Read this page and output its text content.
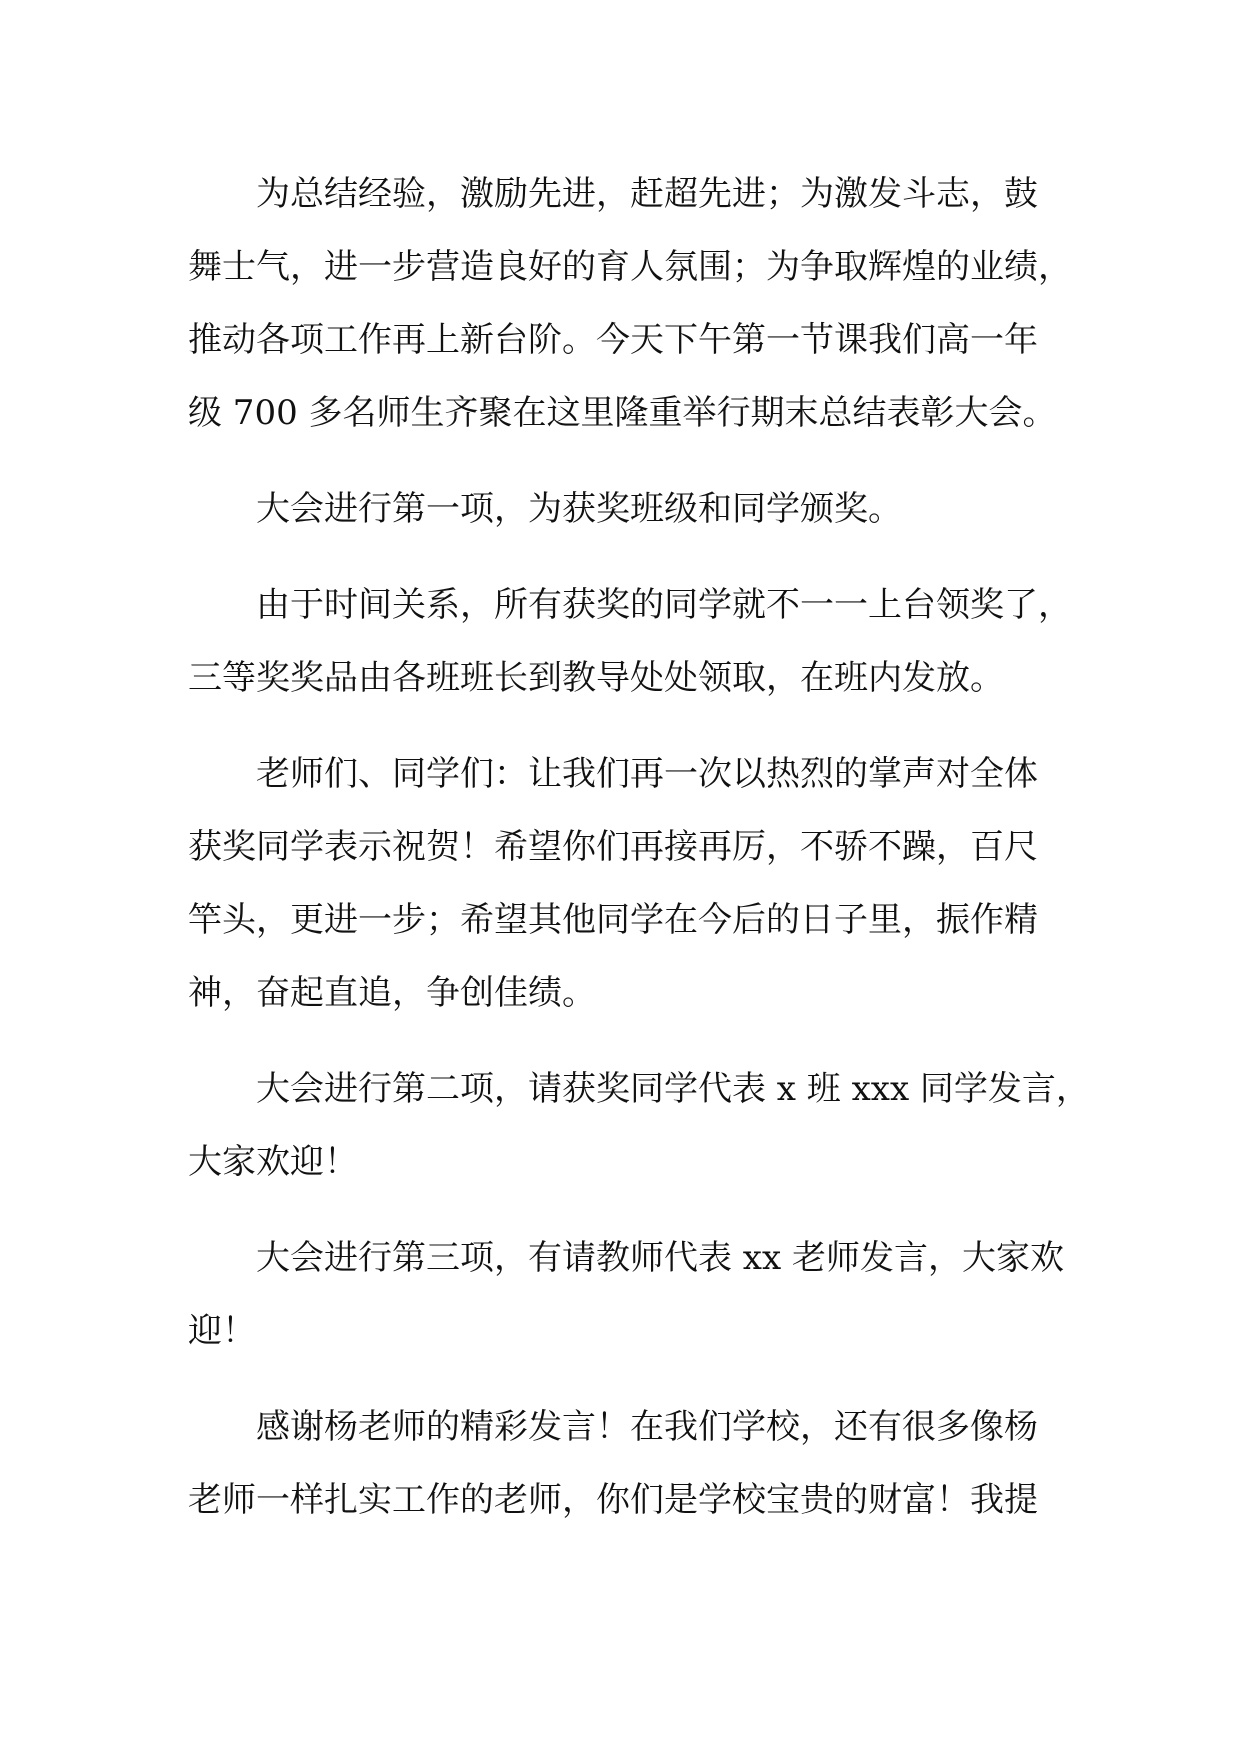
为总结经验，激励先进，赶超先进；为激发斗志，鼓
舞士气，进一步营造良好的育人氛围；为争取辉煌的业绩，
推动各项工作再上新台阶。今天下午第一节课我们高一年
级 700 多名师生齐聚在这里隆重举行期末总结表彰大会。

大会进行第一项，为获奖班级和同学颁奖。

由于时间关系，所有获奖的同学就不一一上台领奖了，
三等奖奖品由各班班长到教导处处领取，在班内发放。

老师们、同学们：让我们再一次以热烈的掌声对全体
获奖同学表示祝贺！希望你们再接再厉，不骄不躁，百尺
竿头，更进一步；希望其他同学在今后的日子里，振作精
神，奋起直追，争创佳绩。

大会进行第二项，请获奖同学代表 x 班 xxx 同学发言，
大家欢迎！

大会进行第三项，有请教师代表 xx 老师发言，大家欢
迎！

感谢杨老师的精彩发言！在我们学校，还有很多像杨
老师一样扎实工作的老师，你们是学校宝贵的财富！我提
